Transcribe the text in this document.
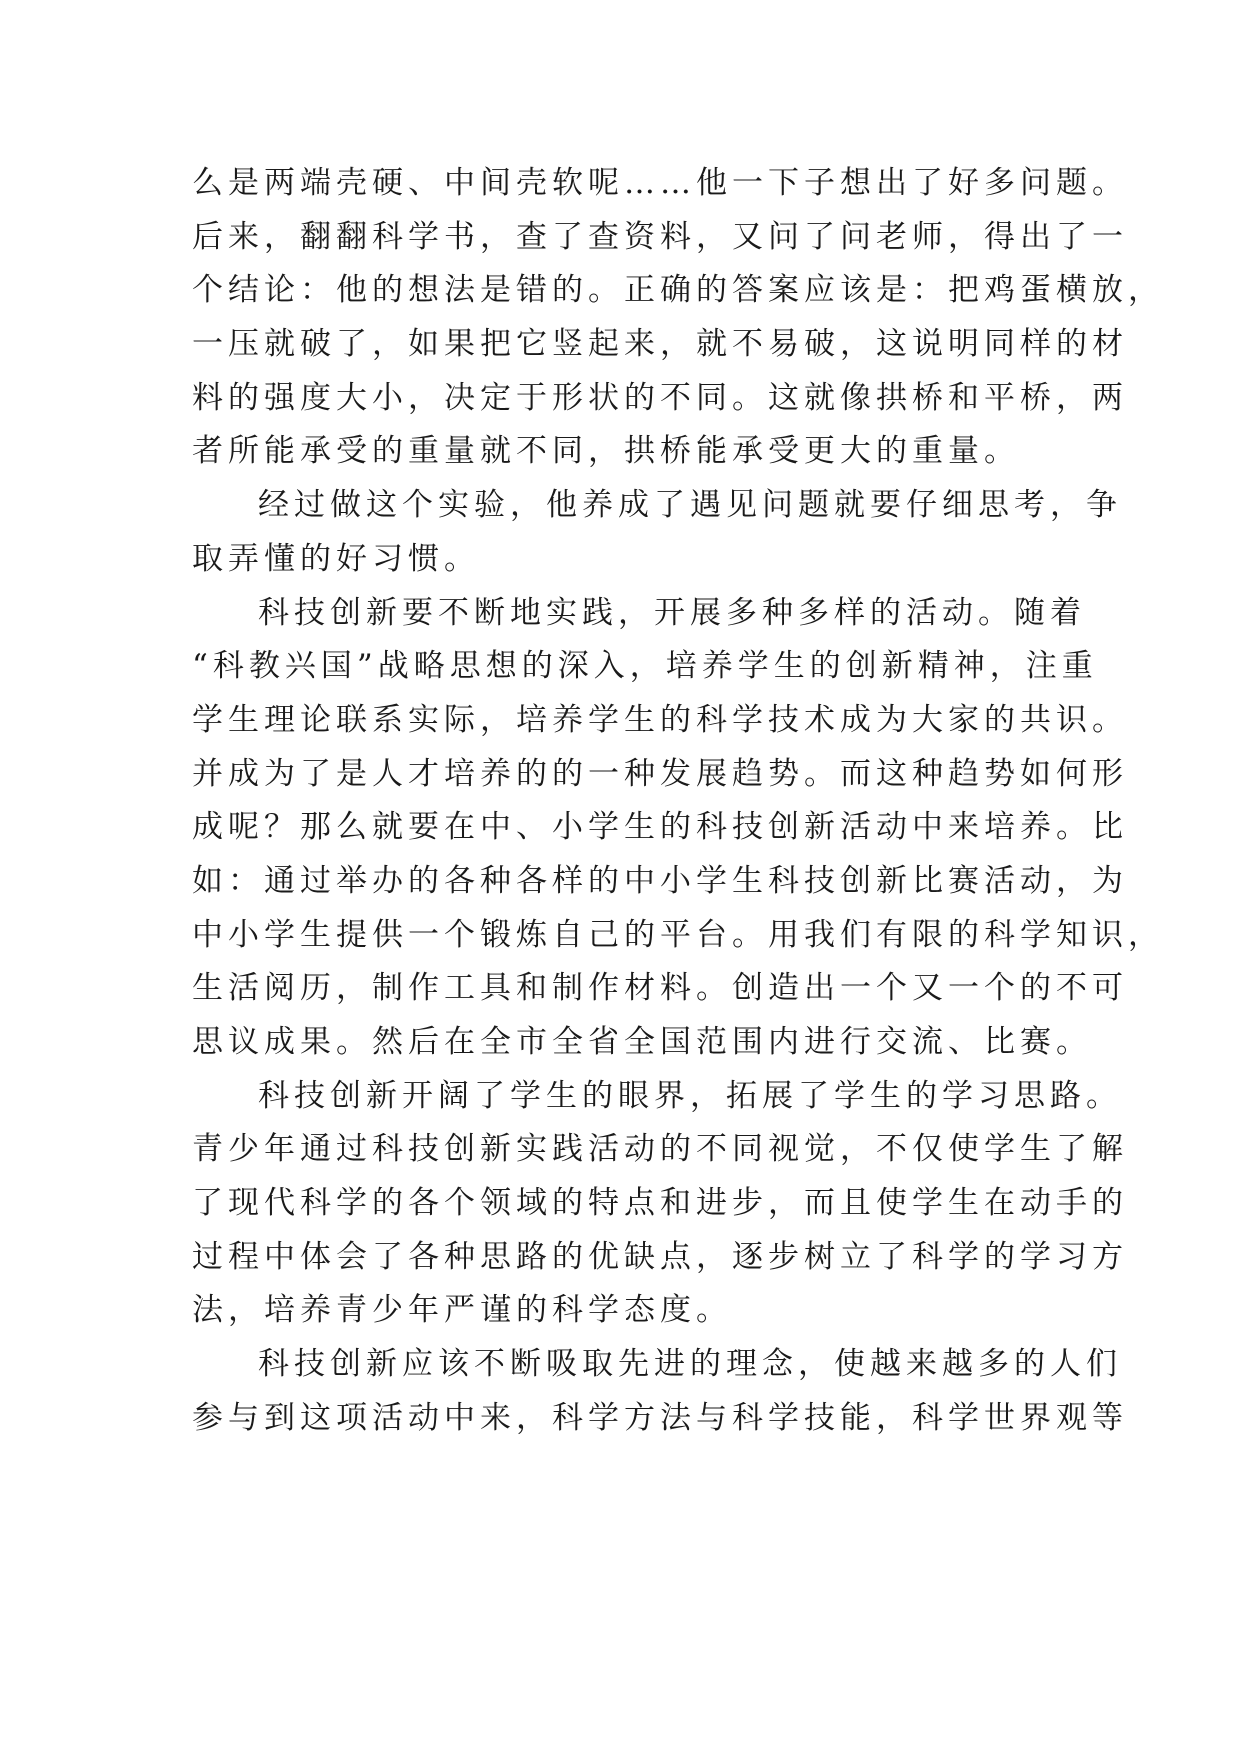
么是两端壳硬、中间壳软呢……他一下子想出了好多问题。
后来，翻翻科学书，查了查资料，又问了问老师，得出了一
个结论：他的想法是错的。正确的答案应该是：把鸡蛋横放，
一压就破了，如果把它竖起来，就不易破，这说明同样的材
料的强度大小，决定于形状的不同。这就像拱桥和平桥，两
者所能承受的重量就不同，拱桥能承受更大的重量。
经过做这个实验，他养成了遇见问题就要仔细思考，争
取弄懂的好习惯。
科技创新要不断地实践，开展多种多样的活动。随着
“科教兴国”战略思想的深入，培养学生的创新精神，注重
学生理论联系实际，培养学生的科学技术成为大家的共识。
并成为了是人才培养的的一种发展趋势。而这种趋势如何形
成呢？那么就要在中、小学生的科技创新活动中来培养。比
如：通过举办的各种各样的中小学生科技创新比赛活动，为
中小学生提供一个锻炼自己的平台。用我们有限的科学知识，
生活阅历，制作工具和制作材料。创造出一个又一个的不可
思议成果。然后在全市全省全国范围内进行交流、比赛。
科技创新开阔了学生的眼界，拓展了学生的学习思路。
青少年通过科技创新实践活动的不同视觉，不仅使学生了解
了现代科学的各个领域的特点和进步，而且使学生在动手的
过程中体会了各种思路的优缺点，逐步树立了科学的学习方
法，培养青少年严谨的科学态度。
科技创新应该不断吸取先进的理念，使越来越多的人们
参与到这项活动中来，科学方法与科学技能，科学世界观等
